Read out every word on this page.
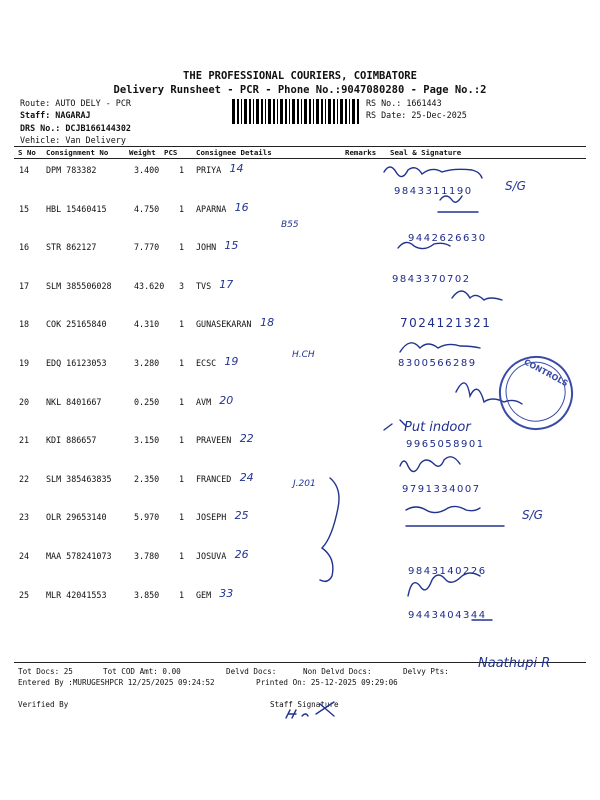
THE PROFESSIONAL COURIERS, COIMBATORE
Delivery Runsheet - PCR - Phone No.:9047080280 - Page No.:2
Route: AUTO DELY - PCR
Staff: NAGARAJ
DRS No.: DCJB166144302
Vehicle: Van Delivery
RS No.: 1661443
RS Date: 25-Dec-2025
S No Consignment No	Weight PCS	Consignee Details	Remarks Seal & Signature
14 DPM 783382	3.400 1 PRIYA 14
15 HBL 15460415	4.750 1 APARNA 16
16 STR 862127	7.770 1 JOHN 15
17 SLM 385506028	43.620 3 TVS 17
18 COK 25165840	4.310 1 GUNASEKARAN 18
19 EDQ 16123053	3.280 1 ECSC 19
20 NKL 8401667	0.250 1 AVM 20
21 KDI 886657	3.150 1 PRAVEEN 22
22 SLM 385463835	2.350 1 FRANCED 24
23 OLR 29653140	5.970 1 JOSEPH 25
24 MAA 578241073	3.780 1 JOSUVA 26
25 MLR 42041553	3.850 1 GEM 33
B55
H.CH
J.201
Put indoor
S/G
S/G
9843311190
9442626630
9843370702
7024121321
8300566289
9965058901
9791334007
9843140226
9443404344
CONTROLS
Tot Docs: 25	Tot COD Amt: 0.00	Delvd Docs:	Non Delvd Docs:	Delvy Pts:
Naathupi R
Entered By :MURUGESHPCR 12/25/2025 09:24:52	Printed On: 25-12-2025 09:29:06
Verified By	Staff Signature
